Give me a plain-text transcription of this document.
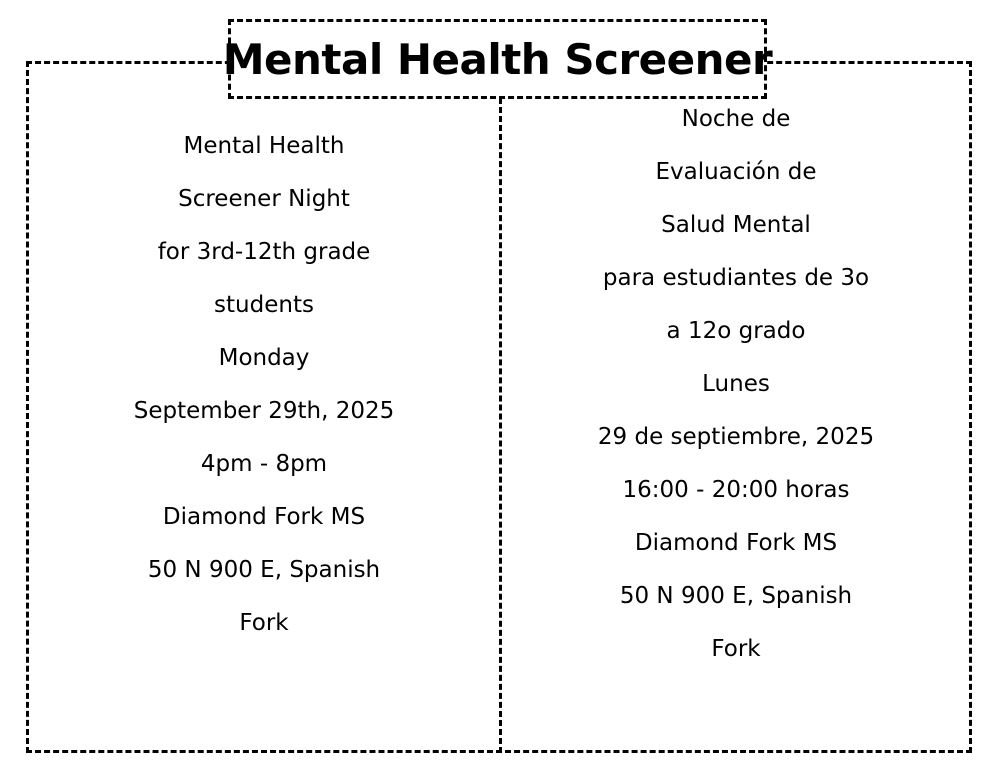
Mental Health Screener
Mental Health
Screener Night
for 3rd-12th grade
students
Monday
September 29th, 2025
4pm - 8pm
Diamond Fork MS
50 N 900 E, Spanish
Fork
Noche de
Evaluación de
Salud Mental
para estudiantes de 3o
a 12o grado
Lunes
29 de septiembre, 2025
16:00 - 20:00 horas
Diamond Fork MS
50 N 900 E, Spanish
Fork
